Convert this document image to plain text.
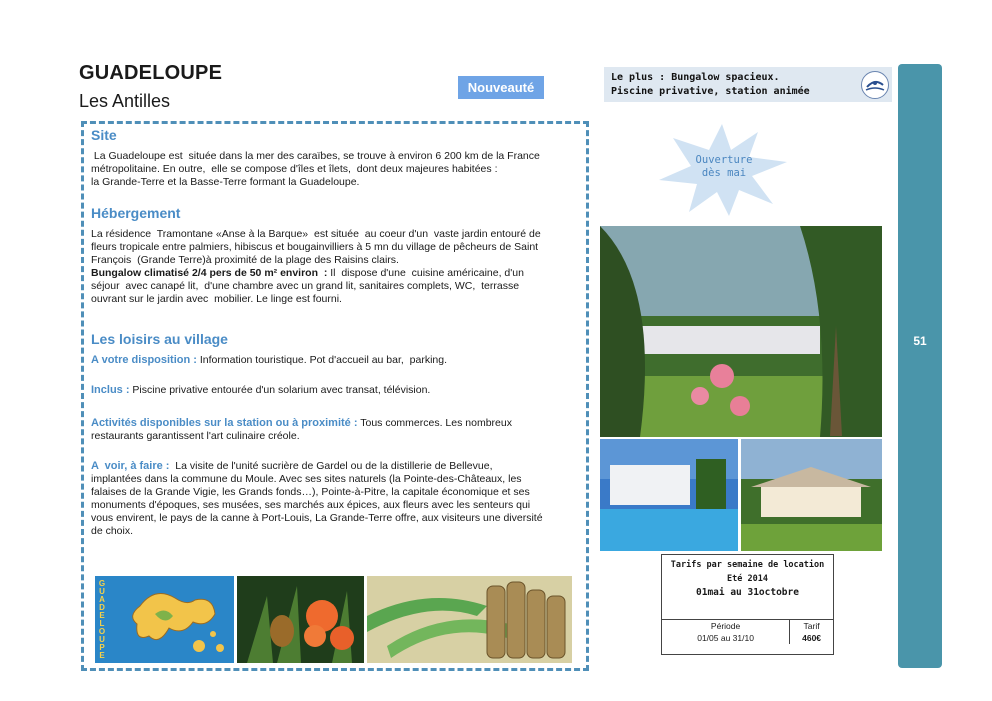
GUADELOUPE
Les Antilles
Nouveauté
Le plus : Bungalow spacieux.
Piscine privative, station animée
51
Site
La Guadeloupe est  située dans la mer des caraïbes, se trouve à environ 6 200 km de la France
métropolitaine. En outre,  elle se compose d'îles et îlets,  dont deux majeures habitées :
la Grande-Terre et la Basse-Terre formant la Guadeloupe.
Hébergement
La résidence  Tramontane «Anse à la Barque»  est située  au coeur d'un  vaste jardin entouré de
fleurs tropicale entre palmiers, hibiscus et bougainvilliers à 5 mn du village de pêcheurs de Saint
François  (Grande Terre)à proximité de la plage des Raisins clairs.
Bungalow climatisé 2/4 pers de 50 m² environ  : Il  dispose d'une  cuisine américaine, d'un
séjour  avec canapé lit,  d'une chambre avec un grand lit, sanitaires complets, WC,  terrasse
ouvrant sur le jardin avec  mobilier. Le linge est fourni.
Les loisirs au village
A votre disposition : Information touristique. Pot d'accueil au bar,  parking.
Inclus : Piscine privative entourée d'un solarium avec transat, télévision.
Activités disponibles sur la station ou à proximité : Tous commerces. Les nombreux
restaurants garantissent l'art culinaire créole.
A  voir, à faire :  La visite de l'unité sucrière de Gardel ou de la distillerie de Bellevue,
implantées dans la commune du Moule. Avec ses sites naturels (la Pointe-des-Châteaux, les
falaises de la Grande Vigie, les Grands fonds…), Pointe-à-Pitre, la capitale économique et ses
monuments d'époques, ses musées, ses marchés aux épices, aux fleurs avec les senteurs qui
vous envirent, le pays de la canne à Port-Louis, La Grande-Terre offre, aux visiteurs une diversité
de choix.
GUADELOUPE
Ouverture
dès mai
Tarifs par semaine de location
Eté 2014
01mai au 31octobre
Période	Tarif
01/05 au 31/10	460€
